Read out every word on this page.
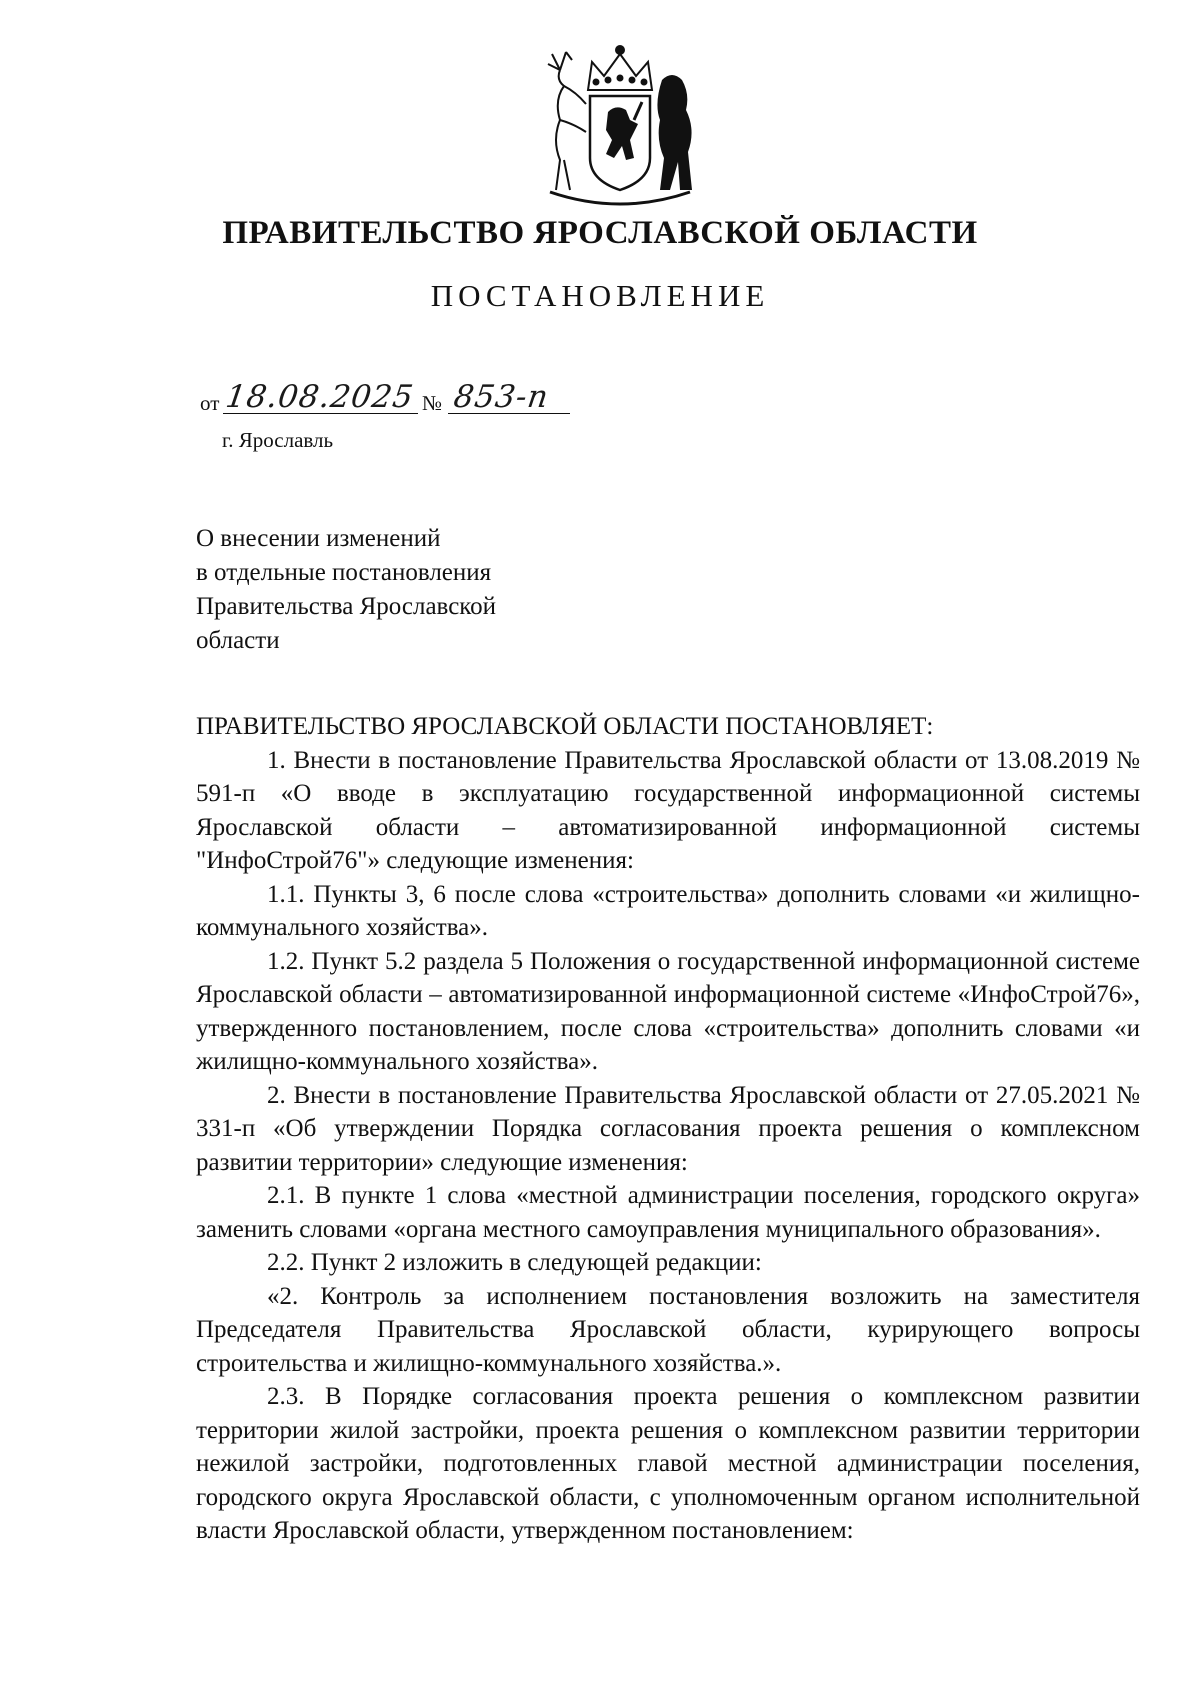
ПРАВИТЕЛЬСТВО ЯРОСЛАВСКОЙ ОБЛАСТИ
ПОСТАНОВЛЕНИЕ
от 18.08.2025 № 853-п
г. Ярославль
О внесении изменений
в отдельные постановления
Правительства Ярославской
области

ПРАВИТЕЛЬСТВО ЯРОСЛАВСКОЙ ОБЛАСТИ ПОСТАНОВЛЯЕТ:

1. Внести в постановление Правительства Ярославской области от 13.08.2019 № 591-п «О вводе в эксплуатацию государственной информационной системы Ярославской области – автоматизированной информационной системы "ИнфоСтрой76"» следующие изменения:

1.1. Пункты 3, 6 после слова «строительства» дополнить словами «и жилищно-коммунального хозяйства».

1.2. Пункт 5.2 раздела 5 Положения о государственной информационной системе Ярославской области – автоматизированной информационной системе «ИнфоСтрой76», утвержденного постановлением, после слова «строительства» дополнить словами «и жилищно-коммунального хозяйства».

2. Внести в постановление Правительства Ярославской области от 27.05.2021 № 331-п «Об утверждении Порядка согласования проекта решения о комплексном развитии территории» следующие изменения:

2.1. В пункте 1 слова «местной администрации поселения, городского округа» заменить словами «органа местного самоуправления муниципального образования».

2.2. Пункт 2 изложить в следующей редакции:

«2. Контроль за исполнением постановления возложить на заместителя Председателя Правительства Ярославской области, курирующего вопросы строительства и жилищно-коммунального хозяйства.».

2.3. В Порядке согласования проекта решения о комплексном развитии территории жилой застройки, проекта решения о комплексном развитии территории нежилой застройки, подготовленных главой местной администрации поселения, городского округа Ярославской области, с уполномоченным органом исполнительной власти Ярославской области, утвержденном постановлением:
